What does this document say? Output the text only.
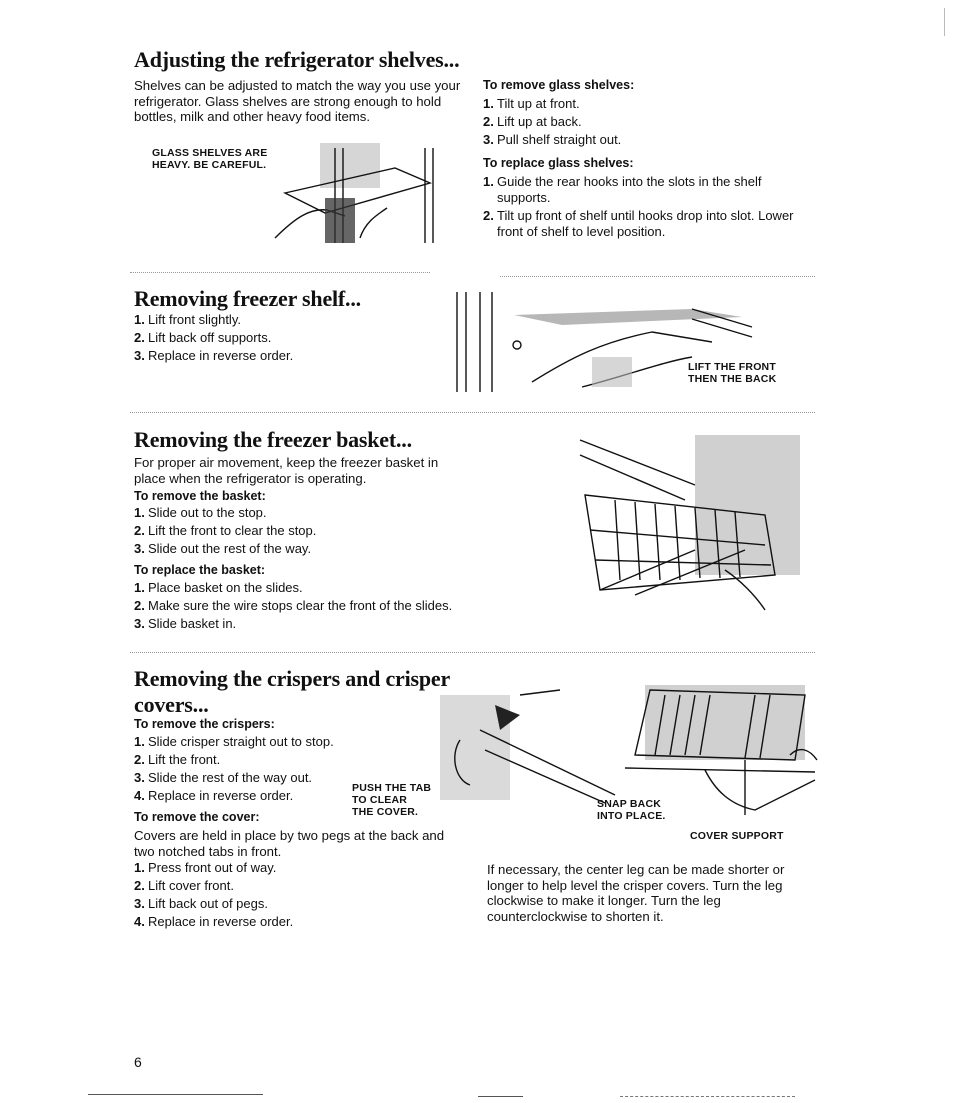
Adjusting the refrigerator shelves...
Shelves can be adjusted to match the way you use your refrigerator. Glass shelves are strong enough to hold bottles, milk and other heavy food items.
GLASS SHELVES ARE
HEAVY. BE CAREFUL.
To remove glass shelves:
1. Tilt up at front.
2. Lift up at back.
3. Pull shelf straight out.
To replace glass shelves:
1. Guide the rear hooks into the slots in the shelf supports.
2. Tilt up front of shelf until hooks drop into slot. Lower front of shelf to level position.
Removing freezer shelf...
1. Lift front slightly.
2. Lift back off supports.
3. Replace in reverse order.
LIFT THE FRONT
THEN THE BACK
Removing the freezer basket...
For proper air movement, keep the freezer basket in place when the refrigerator is operating.
To remove the basket:
1. Slide out to the stop.
2. Lift the front to clear the stop.
3. Slide out the rest of the way.
To replace the basket:
1. Place basket on the slides.
2. Make sure the wire stops clear the front of the slides.
3. Slide basket in.
Removing the crispers and crisper
covers...
To remove the crispers:
1. Slide crisper straight out to stop.
2. Lift the front.
3. Slide the rest of the way out.
4. Replace in reverse order.
To remove the cover:
Covers are held in place by two pegs at the back and two notched tabs in front.
1. Press front out of way.
2. Lift cover front.
3. Lift back out of pegs.
4. Replace in reverse order.
PUSH THE TAB
TO CLEAR
THE COVER.
SNAP BACK
INTO PLACE.
COVER SUPPORT
If necessary, the center leg can be made shorter or longer to help level the crisper covers. Turn the leg clockwise to make it longer. Turn the leg counterclockwise to shorten it.
6
